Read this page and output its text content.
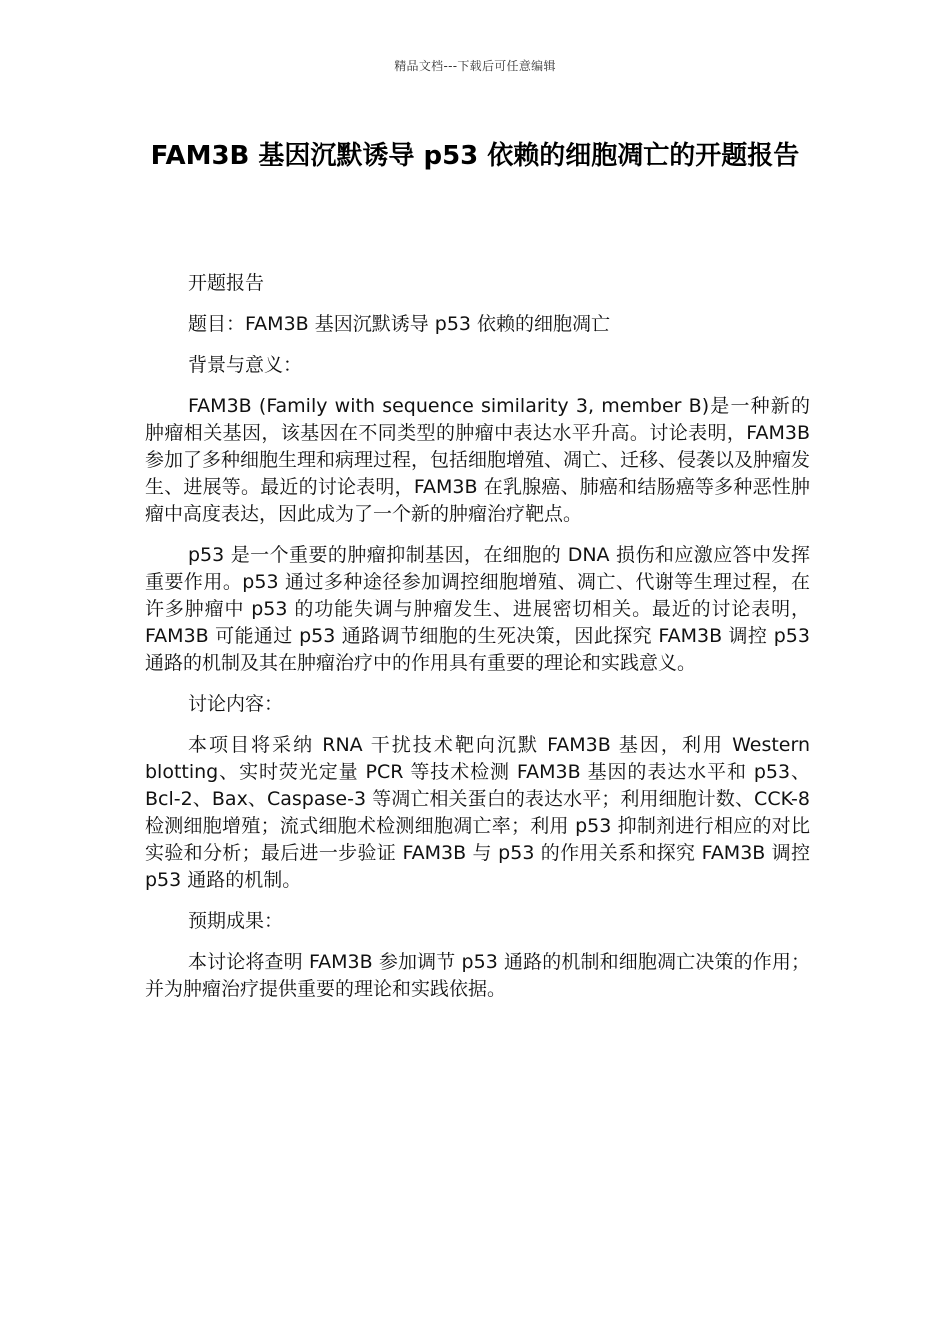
精品文档---下载后可任意编辑
FAM3B 基因沉默诱导 p53 依赖的细胞凋亡的开题报告

开题报告

题目：FAM3B 基因沉默诱导 p53 依赖的细胞凋亡

背景与意义：

FAM3B (Family with sequence similarity 3, member B)是一种新的肿瘤相关基因，该基因在不同类型的肿瘤中表达水平升高。讨论表明，FAM3B 参加了多种细胞生理和病理过程，包括细胞增殖、凋亡、迁移、侵袭以及肿瘤发生、进展等。最近的讨论表明，FAM3B 在乳腺癌、肺癌和结肠癌等多种恶性肿瘤中高度表达，因此成为了一个新的肿瘤治疗靶点。

p53 是一个重要的肿瘤抑制基因，在细胞的 DNA 损伤和应激应答中发挥重要作用。p53 通过多种途径参加调控细胞增殖、凋亡、代谢等生理过程，在许多肿瘤中 p53 的功能失调与肿瘤发生、进展密切相关。最近的讨论表明，FAM3B 可能通过 p53 通路调节细胞的生死决策，因此探究 FAM3B 调控 p53 通路的机制及其在肿瘤治疗中的作用具有重要的理论和实践意义。

讨论内容：

本项目将采纳 RNA 干扰技术靶向沉默 FAM3B 基因，利用 Western blotting、实时荧光定量 PCR 等技术检测 FAM3B 基因的表达水平和 p53、Bcl-2、Bax、Caspase-3 等凋亡相关蛋白的表达水平；利用细胞计数、CCK-8 检测细胞增殖；流式细胞术检测细胞凋亡率；利用 p53 抑制剂进行相应的对比实验和分析；最后进一步验证 FAM3B 与 p53 的作用关系和探究 FAM3B 调控 p53 通路的机制。

预期成果：

本讨论将查明 FAM3B 参加调节 p53 通路的机制和细胞凋亡决策的作用；并为肿瘤治疗提供重要的理论和实践依据。
